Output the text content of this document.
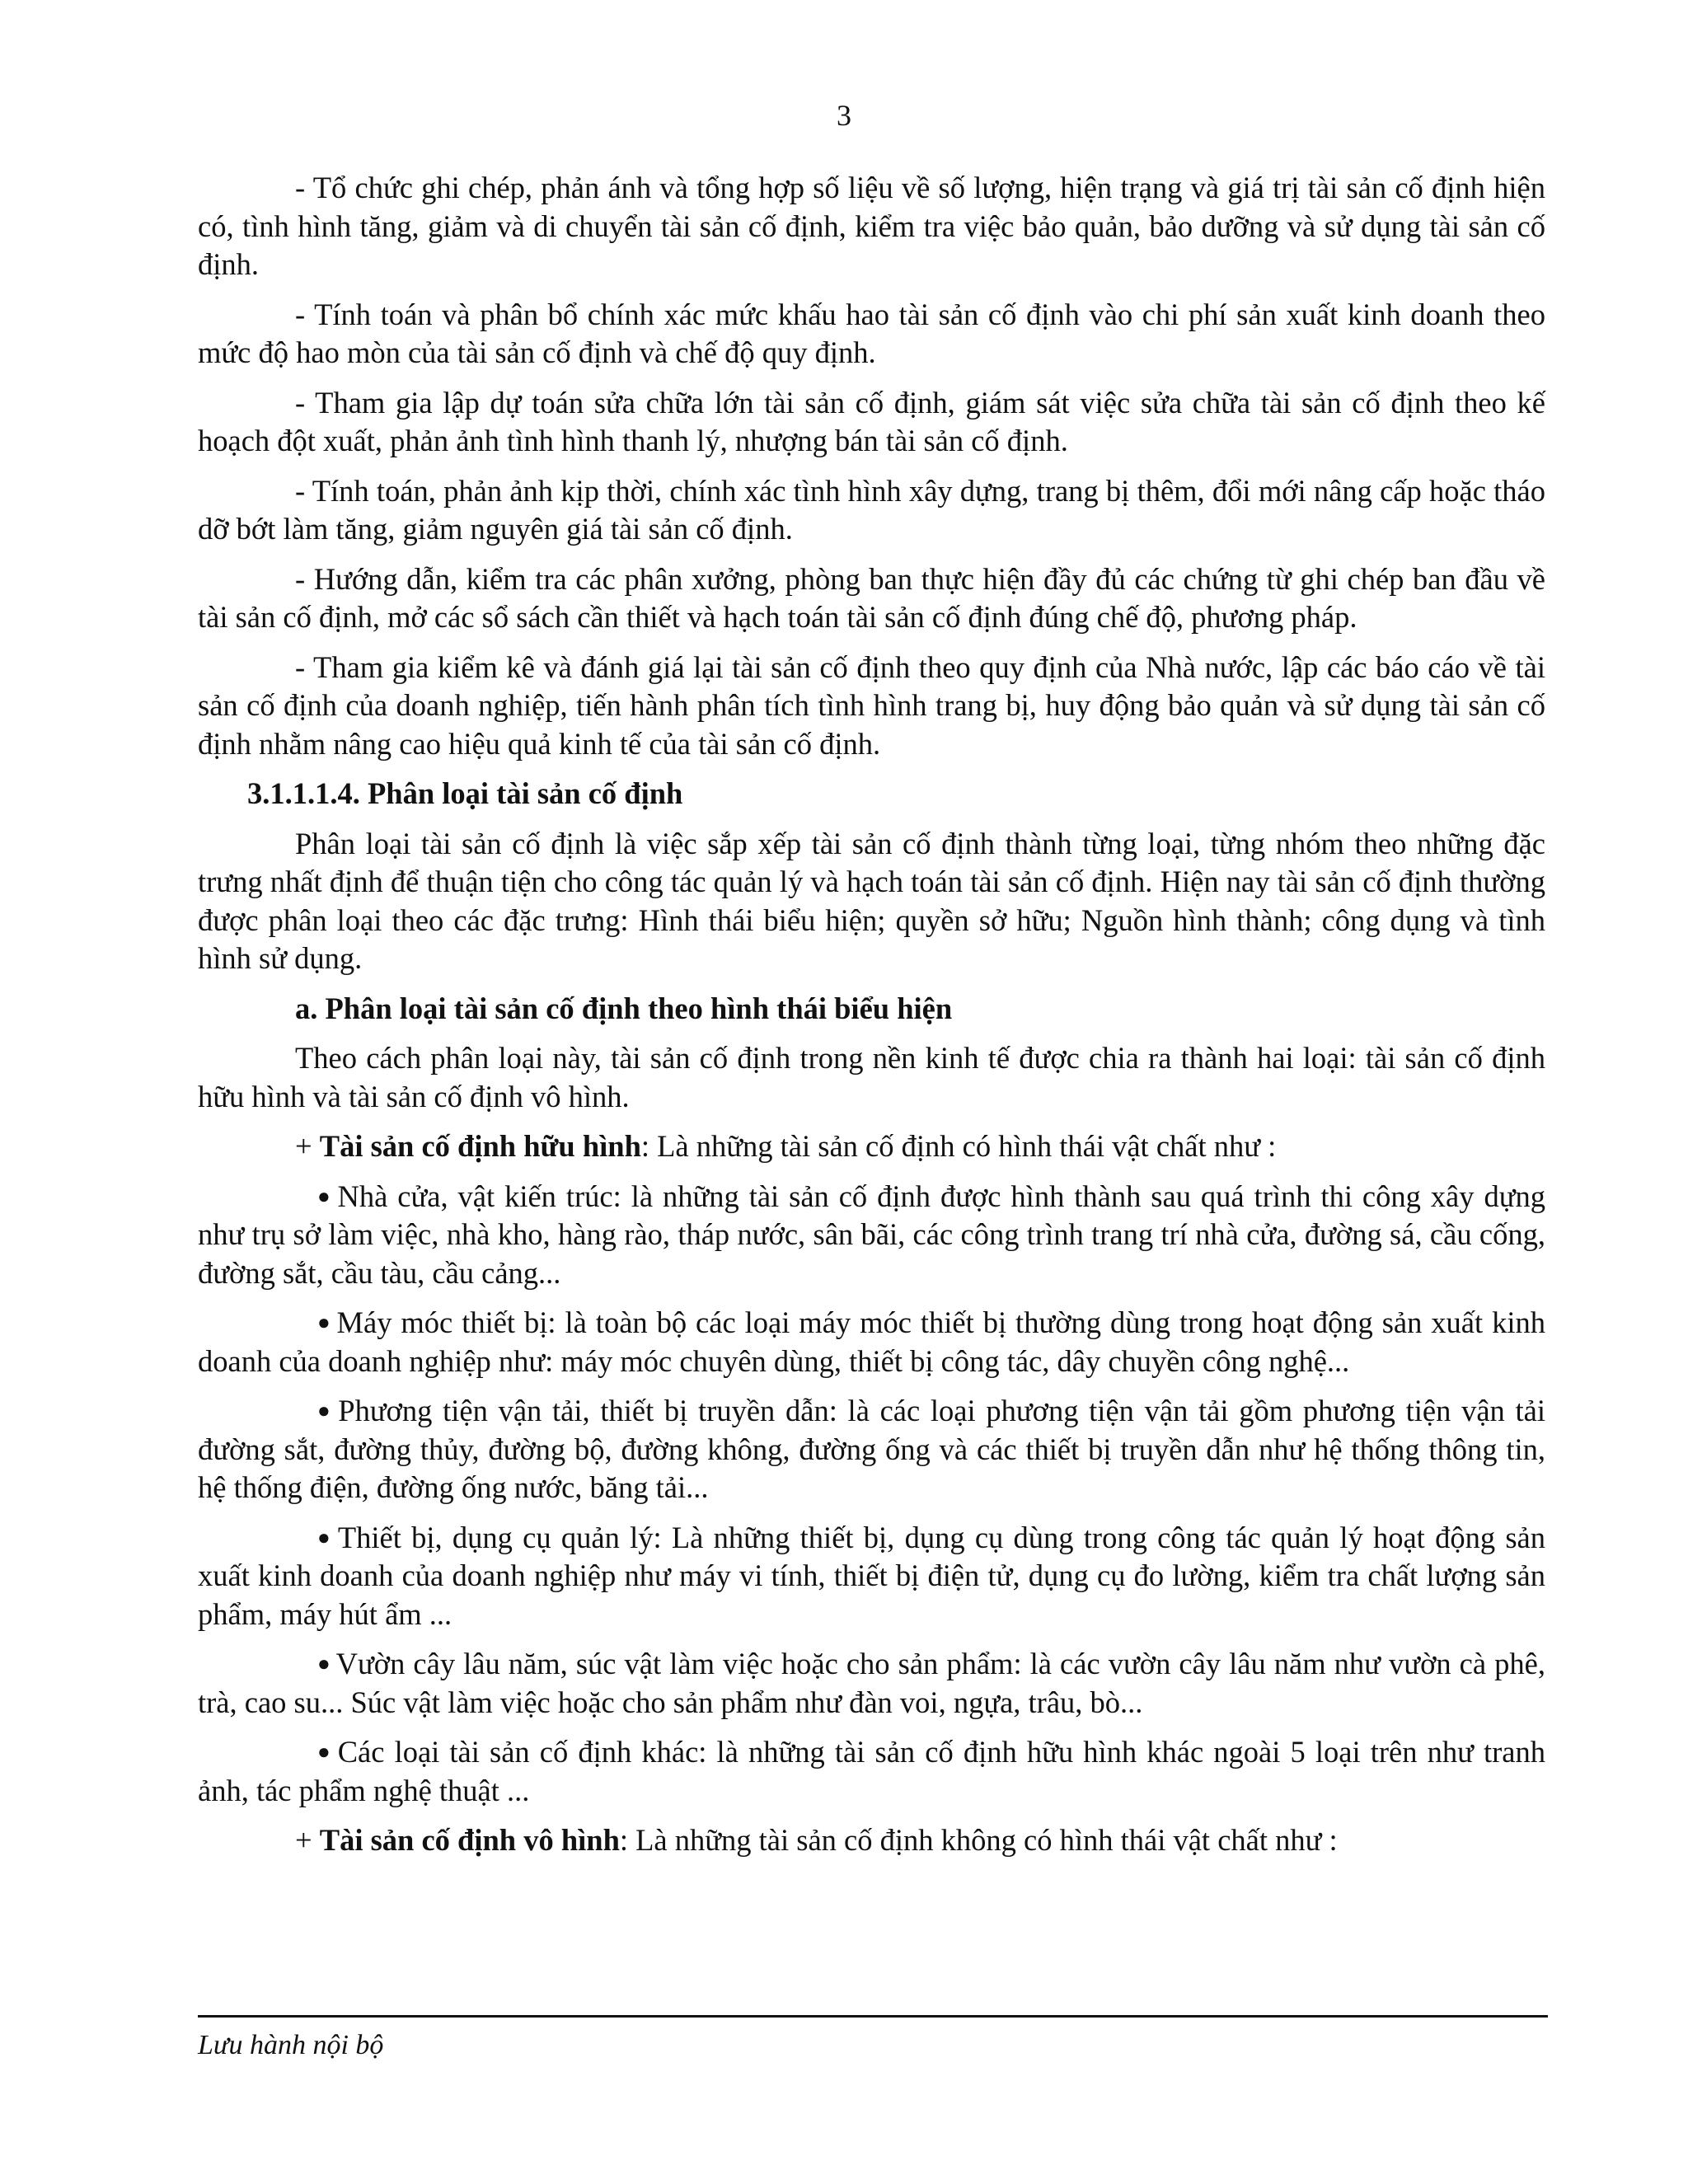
3

- Tổ chức ghi chép, phản ánh và tổng hợp số liệu về số lượng, hiện trạng và giá trị tài sản cố định hiện có, tình hình tăng, giảm và di chuyển tài sản cố định, kiểm tra việc bảo quản, bảo dưỡng và sử dụng tài sản cố định.

- Tính toán và phân bổ chính xác mức khấu hao tài sản cố định vào chi phí sản xuất kinh doanh theo mức độ hao mòn của tài sản cố định và chế độ quy định.

- Tham gia lập dự toán sửa chữa lớn tài sản cố định, giám sát việc sửa chữa tài sản cố định theo kế hoạch đột xuất, phản ảnh tình hình thanh lý, nhượng bán tài sản cố định.

- Tính toán, phản ảnh kịp thời, chính xác tình hình xây dựng, trang bị thêm, đổi mới nâng cấp hoặc tháo dỡ bớt làm tăng, giảm nguyên giá tài sản cố định.

- Hướng dẫn, kiểm tra các phân xưởng, phòng ban thực hiện đầy đủ các chứng từ ghi chép ban đầu về tài sản cố định, mở các sổ sách cần thiết và hạch toán tài sản cố định đúng chế độ, phương pháp.

- Tham gia kiểm kê và đánh giá lại tài sản cố định theo quy định của Nhà nước, lập các báo cáo về tài sản cố định của doanh nghiệp, tiến hành phân tích tình hình trang bị, huy động bảo quản và sử dụng tài sản cố định nhằm nâng cao hiệu quả kinh tế của tài sản cố định.

3.1.1.1.4. Phân loại tài sản cố định

Phân loại tài sản cố định là việc sắp xếp tài sản cố định thành từng loại, từng nhóm theo những đặc trưng nhất định để thuận tiện cho công tác quản lý và hạch toán tài sản cố định. Hiện nay tài sản cố định thường được phân loại theo các đặc trưng: Hình thái biểu hiện; quyền sở hữu; Nguồn hình thành; công dụng và tình hình sử dụng.

a. Phân loại tài sản cố định theo hình thái biểu hiện

Theo cách phân loại này, tài sản cố định trong nền kinh tế được chia ra thành hai loại: tài sản cố định hữu hình và tài sản cố định vô hình.

+ Tài sản cố định hữu hình: Là những tài sản cố định có hình thái vật chất như :

● Nhà cửa, vật kiến trúc: là những tài sản cố định được hình thành sau quá trình thi công xây dựng như trụ sở làm việc, nhà kho, hàng rào, tháp nước, sân bãi, các công trình trang trí nhà cửa, đường sá, cầu cống, đường sắt, cầu tàu, cầu cảng...

● Máy móc thiết bị: là toàn bộ các loại máy móc thiết bị thường dùng trong hoạt động sản xuất kinh doanh của doanh nghiệp như: máy móc chuyên dùng, thiết bị công tác, dây chuyền công nghệ...

● Phương tiện vận tải, thiết bị truyền dẫn: là các loại phương tiện vận tải gồm phương tiện vận tải đường sắt, đường thủy, đường bộ, đường không, đường ống và các thiết bị truyền dẫn như hệ thống thông tin, hệ thống điện, đường ống nước, băng tải...

● Thiết bị, dụng cụ quản lý: Là những thiết bị, dụng cụ dùng trong công tác quản lý hoạt động sản xuất kinh doanh của doanh nghiệp như máy vi tính, thiết bị điện tử, dụng cụ đo lường, kiểm tra chất lượng sản phẩm, máy hút ẩm ...

● Vườn cây lâu năm, súc vật làm việc hoặc cho sản phẩm: là các vườn cây lâu năm như vườn cà phê, trà, cao su... Súc vật làm việc hoặc cho sản phẩm như đàn voi, ngựa, trâu, bò...

● Các loại tài sản cố định khác: là những tài sản cố định hữu hình khác ngoài 5 loại trên như tranh ảnh, tác phẩm nghệ thuật ...

+ Tài sản cố định vô hình: Là những tài sản cố định không có hình thái vật chất như :

Lưu hành nội bộ
